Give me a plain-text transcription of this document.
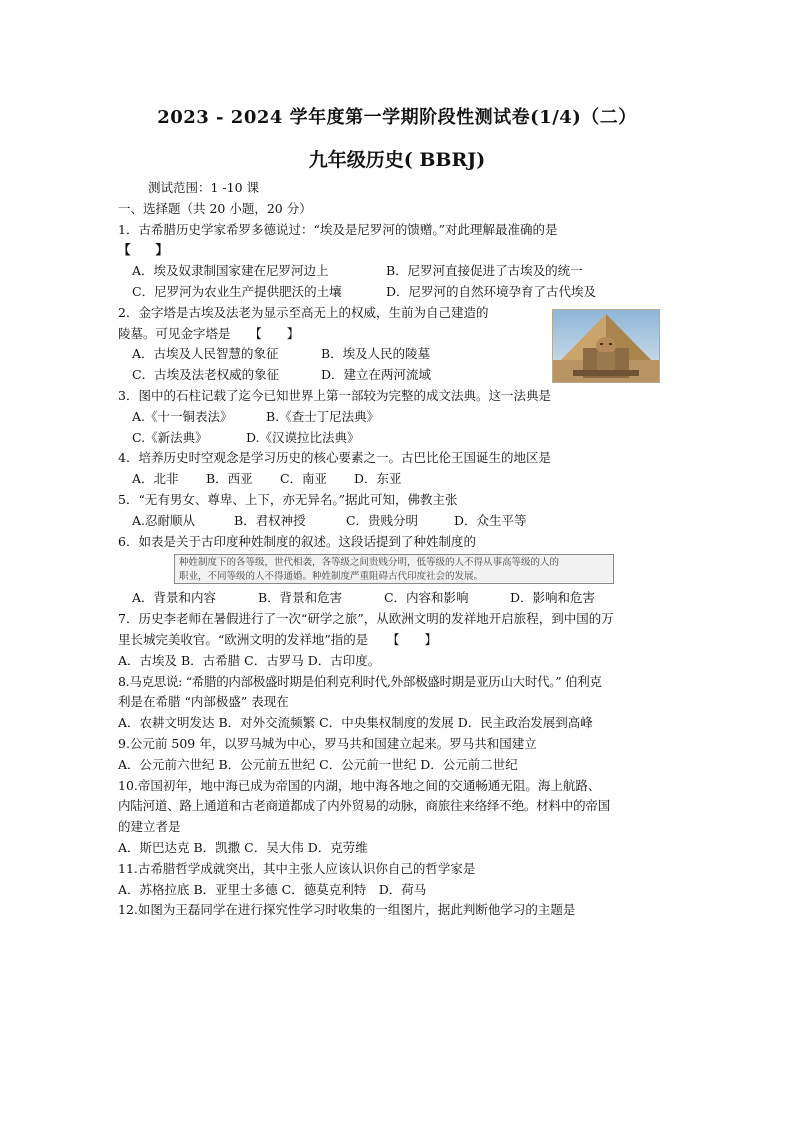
2023 - 2024 学年度第一学期阶段性测试卷(1/4)（二）
九年级历史( BBRJ)
测试范围：1 -10 课
一、选择题（共 20 小题，20 分）
1．古希腊历史学家希罗多德说过：“埃及是尼罗河的馈赠。”对此理解最准确的是
【　　】
A．埃及奴隶制国家建在尼罗河边上	B．尼罗河直接促进了古埃及的统一
C．尼罗河为农业生产提供肥沃的土壤	D．尼罗河的自然环境孕育了古代埃及
2．金字塔是古埃及法老为显示至高无上的权威，生前为自己建造的
陵墓。可见金字塔是　　【　　】
A．古埃及人民智慧的象征	B．埃及人民的陵墓
C．古埃及法老权威的象征	D．建立在两河流域
3．图中的石柱记载了迄今已知世界上第一部较为完整的成文法典。这一法典是
A.《十一铜表法》	B.《查士丁尼法典》
C.《新法典》	D.《汉谟拉比法典》
4．培养历史时空观念是学习历史的核心要素之一。古巴比伦王国诞生的地区是
A．北非 B．西亚 C．南亚 D．东亚
5．“无有男女、尊卑、上下，亦无异名。”据此可知，佛教主张
A.忍耐顺从	B．君权神授	C．贵贱分明	D．众生平等
6．如表是关于古印度种姓制度的叙述。这段话提到了种姓制度的
种姓制度下的各等级，世代相袭，各等级之间贵贱分明，低等级的人不得从事高等级的人的
职业，不同等级的人不得通婚。种姓制度严重阻碍古代印度社会的发展。
A．背景和内容	B．背景和危害	C．内容和影响	D．影响和危害
7．历史李老师在暑假进行了一次“研学之旅”，从欧洲文明的发祥地开启旅程，到中国的万
里长城完美收官。“欧洲文明的发祥地”指的是　　【　　】
A．古埃及 B．古希腊 C．古罗马 D．古印度。
8.马克思说: “希腊的内部极盛时期是伯利克利时代,外部极盛时期是亚历山大时代。” 伯利克
利是在希腊 “内部极盛” 表现在
A．农耕文明发达 B．对外交流频繁 C．中央集权制度的发展 D．民主政治发展到高峰
9.公元前 509 年，以罗马城为中心，罗马共和国建立起来。罗马共和国建立
A．公元前六世纪 B．公元前五世纪 C．公元前一世纪 D．公元前二世纪
10.帝国初年，地中海已成为帝国的内湖，地中海各地之间的交通畅通无阻。海上航路、
内陆河道、路上通道和古老商道都成了内外贸易的动脉，商旅往来络绎不绝。材料中的帝国
的建立者是
A．斯巴达克 B．凯撒 C．吴大伟 D．克劳维
11.古希腊哲学成就突出，其中主张人应该认识你自己的哲学家是
A．苏格拉底 B．亚里士多德 C．德莫克利特　D．荷马
12.如图为王磊同学在进行探究性学习时收集的一组图片，据此判断他学习的主题是
